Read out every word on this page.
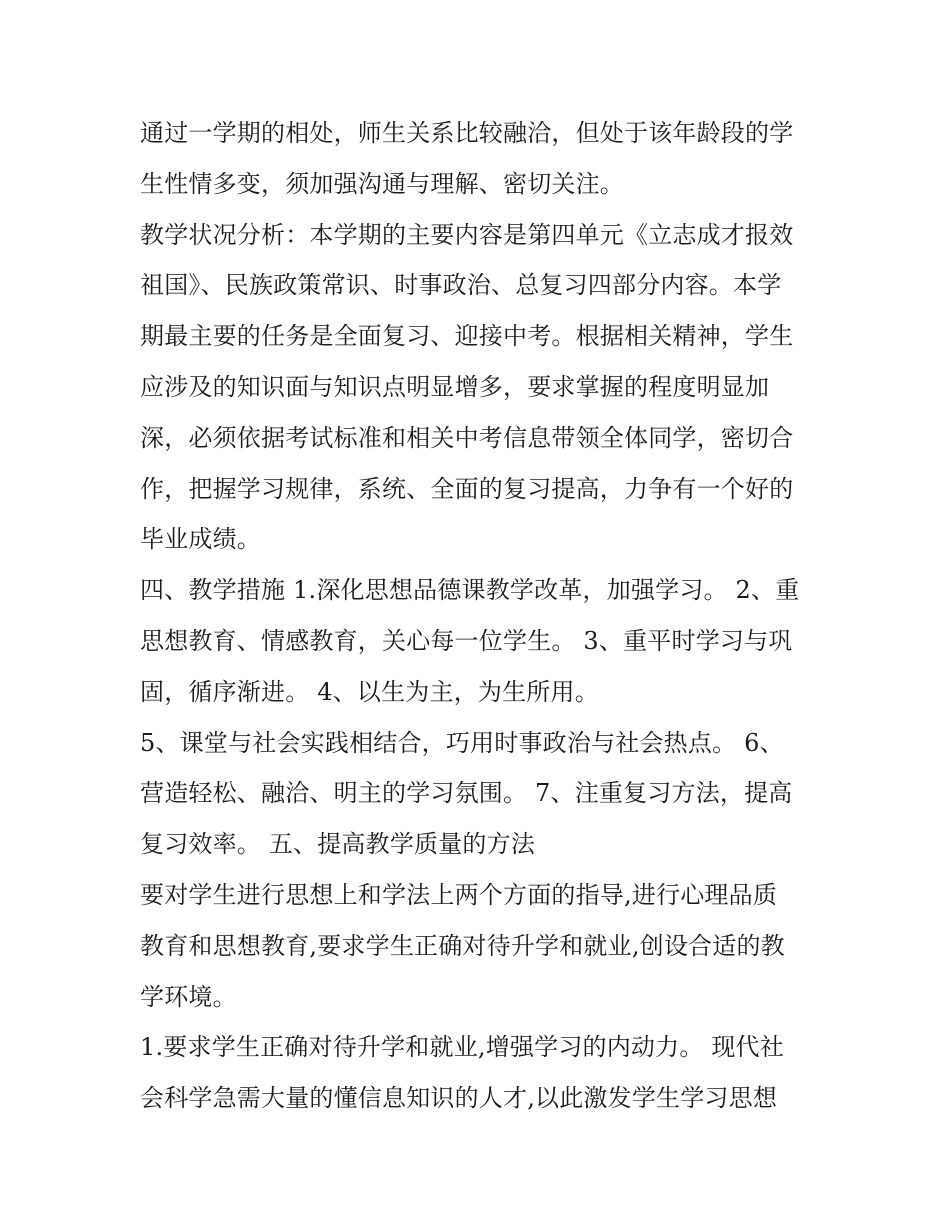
通过一学期的相处，师生关系比较融洽，但处于该年龄段的学
生性情多变，须加强沟通与理解、密切关注。
教学状况分析：本学期的主要内容是第四单元《立志成才报效
祖国》、民族政策常识、时事政治、总复习四部分内容。本学
期最主要的任务是全面复习、迎接中考。根据相关精神，学生
应涉及的知识面与知识点明显增多，要求掌握的程度明显加
深，必须依据考试标准和相关中考信息带领全体同学，密切合
作，把握学习规律，系统、全面的复习提高，力争有一个好的
毕业成绩。
四、教学措施 1.深化思想品德课教学改革，加强学习。 2、重
思想教育、情感教育，关心每一位学生。 3、重平时学习与巩
固，循序渐进。 4、以生为主，为生所用。
5、课堂与社会实践相结合，巧用时事政治与社会热点。 6、
营造轻松、融洽、明主的学习氛围。 7、注重复习方法，提高
复习效率。 五、提高教学质量的方法
要对学生进行思想上和学法上两个方面的指导,进行心理品质
教育和思想教育,要求学生正确对待升学和就业,创设合适的教
学环境。
1.要求学生正确对待升学和就业,增强学习的内动力。 现代社
会科学急需大量的懂信息知识的人才,以此激发学生学习思想
